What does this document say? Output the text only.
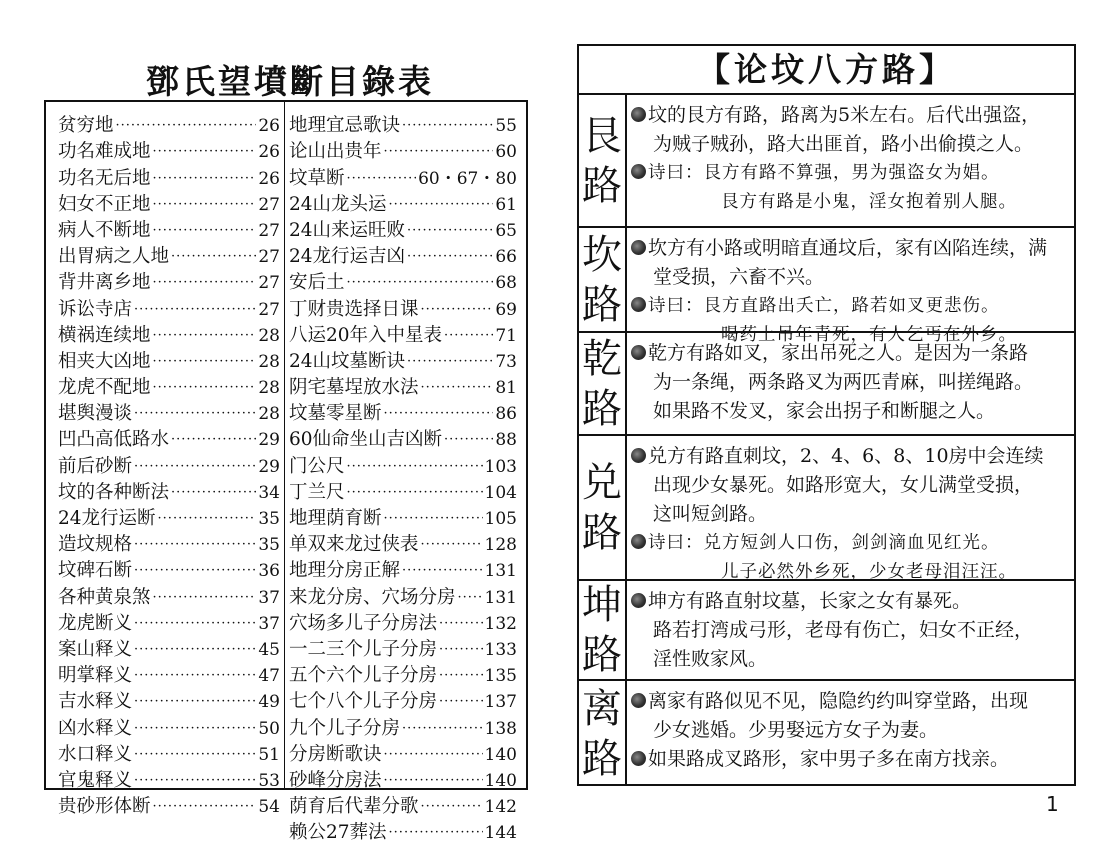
鄧氏望墳斷目錄表
贫穷地 ·····	26
功名难成地 ·····	26
功名无后地 ·····	26
妇女不正地 ·····	27
病人不断地 ·····	27
出胃病之人地 ·····	27
背井离乡地 ·····	27
诉讼寺店 ·····	27
横祸连续地 ·····	28
相夹大凶地 ·····	28
龙虎不配地 ·····	28
堪舆漫谈 ·····	28
凹凸高低路水 ·····	29
前后砂断 ·····	29
坟的各种断法 ·····	34
24龙行运断 ·····	35
造坟规格 ·····	35
坟碑石断 ·····	36
各种黄泉煞 ·····	37
龙虎断义 ·····	37
案山释义 ·····	45
明掌释义 ·····	47
吉水释义 ·····	49
凶水释义 ·····	50
水口释义 ·····	51
官鬼释义 ·····	53
贵砂形体断 ·····	54
地理宜忌歌诀 ·····	55
论山出贵年 ·····	60
坟草断 ·····	60・67・80
24山龙头运 ·····	61
24山来运旺败 ·····	65
24龙行运吉凶 ·····	66
安后土 ·····	68
丁财贵选择日课 ·····	69
八运20年入中星表 ·····	71
24山坟墓断诀 ·····	73
阴宅墓埕放水法 ·····	81
坟墓零星断 ·····	86
60仙命坐山吉凶断 ·····	88
门公尺 ·····	103
丁兰尺 ·····	104
地理荫育断 ·····	105
单双来龙过侠表 ·····	128
地理分房正解 ·····	131
来龙分房、穴场分房 ····· 131
穴场多儿子分房法 ·····	132
一二三个儿子分房 ·····	133
五个六个儿子分房 ·····	135
七个八个儿子分房 ·····	137
九个儿子分房 ·····	138
分房断歌诀 ·····	140
砂峰分房法 ·····	140
荫育后代辈分歌 ·····	142
赖公27葬法 ·····	144
【论坟八方路】
艮
路
坟的艮方有路，路离为5米左右。后代出强盗，
为贼子贼孙，路大出匪首，路小出偷摸之人。
诗曰：艮方有路不算强，男为强盗女为娼。
艮方有路是小鬼，淫女抱着别人腿。
坎
路
坎方有小路或明暗直通坟后，家有凶陷连续，满
堂受损，六畜不兴。
诗曰：艮方直路出夭亡，路若如叉更悲伤。
喝药上吊年青死，有人乞丐在外乡。
乾
路
乾方有路如叉，家出吊死之人。是因为一条路
为一条绳，两条路叉为两匹青麻，叫搓绳路。
如果路不发叉，家会出拐子和断腿之人。
兑
路
兑方有路直刺坟，2、4、6、8、10房中会连续
出现少女暴死。如路形宽大，女儿满堂受损，
这叫短剑路。
诗曰：兑方短剑人口伤，剑剑滴血见红光。
儿子必然外乡死，少女老母泪汪汪。
坤
路
坤方有路直射坟墓，长家之女有暴死。
路若打湾成弓形，老母有伤亡，妇女不正经，
淫性败家风。
离
路
离家有路似见不见，隐隐约约叫穿堂路，出现
少女逃婚。少男娶远方女子为妻。
如果路成叉路形，家中男子多在南方找亲。
1
